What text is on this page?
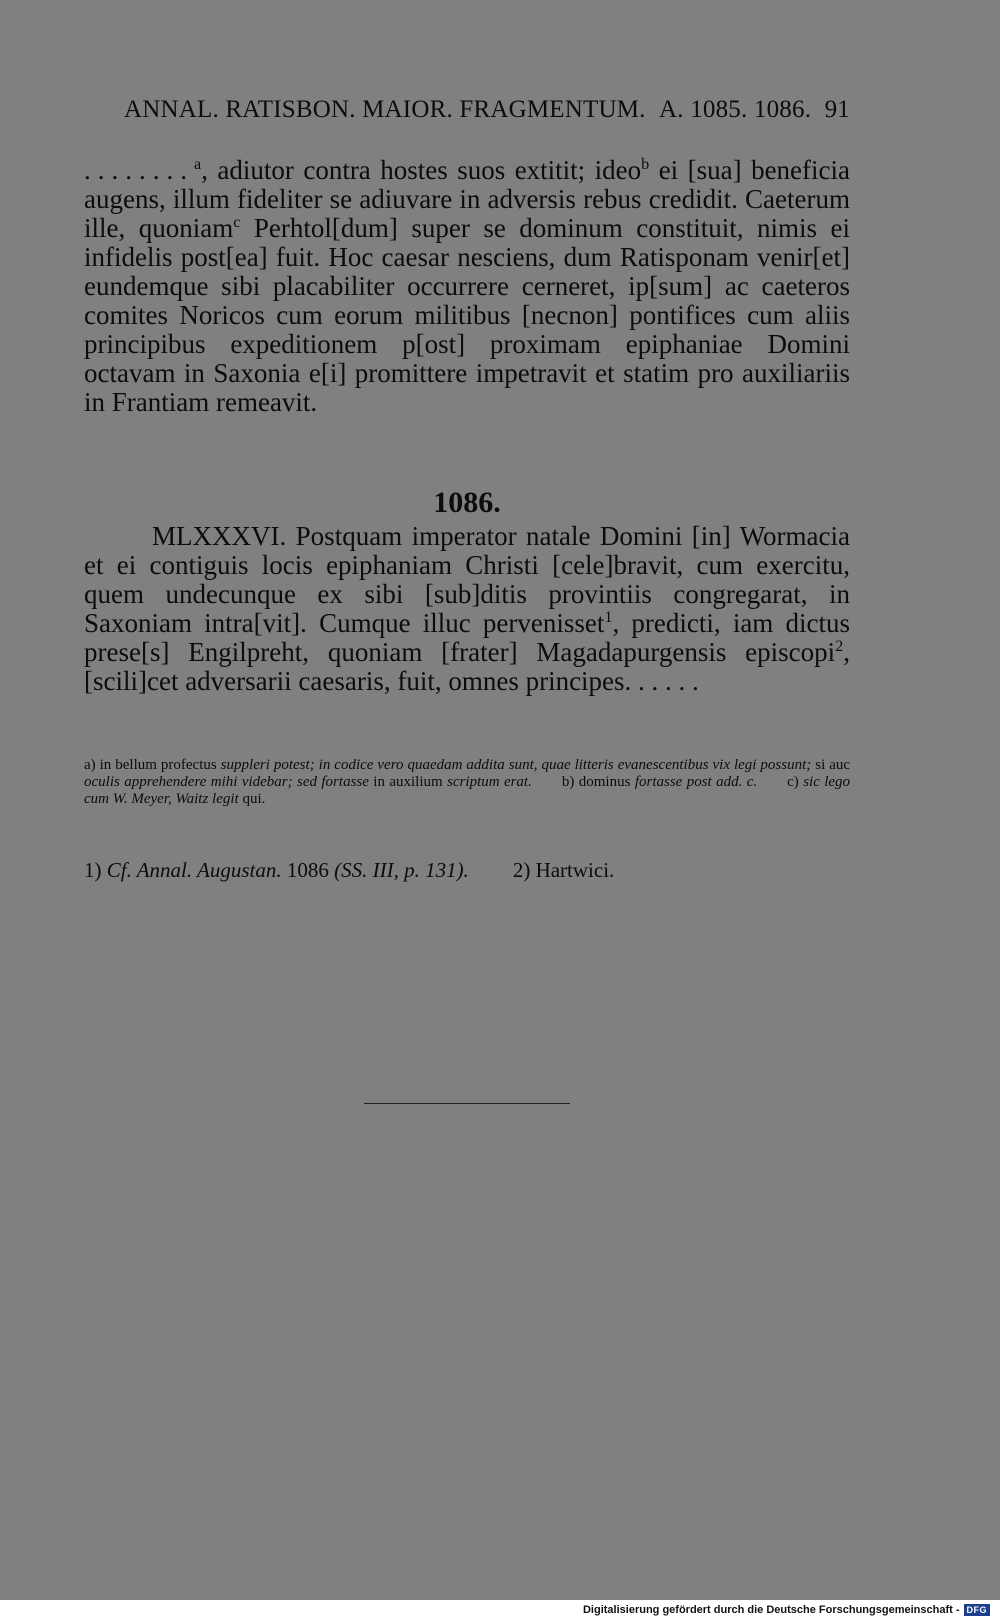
ANNAL. RATISBON. MAIOR. FRAGMENTUM. A. 1085. 1086. 91

........$^a$, adiutor contra hostes suos extitit; ideo$^b$ ei [sua] beneficia augens, illum fideliter se adiuvare in adversis rebus credidit. Caeterum ille, quoniam$^c$ Perhtol[dum] super se dominum constituit, nimis ei infidelis post[ea] fuit. Hoc caesar nesciens, dum Ratisponam venir[et] eundemque sibi placabiliter occurrere cerneret, ip[sum] ac caeteros comites Noricos cum eorum militibus [necnon] pontifices cum aliis principibus expeditionem p[ost] proximam epiphaniae Domini octavam in Saxonia e[i] promittere impetravit et statim pro auxiliariis in Frantiam remeavit.

1086.

MLXXXVI. Postquam imperator natale Domini [in] Wormacia et ei contiguis locis epiphaniam Christi [cele]bravit, cum exercitu, quem undecunque ex sibi [sub]ditis provintiis congregarat, in Saxoniam intra[vit]. Cumque illuc pervenisset$^1$, predicti, iam dictus prese[s] Engilpreht, quoniam [frater] Magadapurgensis episcopi$^2$, [scili]cet adversarii caesaris, fuit, omnes principes. . . . . .

a) in bellum profectus suppleri potest; in codice vero quaedam addita sunt, quae litteris evanescentibus vix legi possunt; si auc oculis apprehendere mihi videbar; sed fortasse in auxilium scriptum erat.   b) dominus fortasse post add. c.   c) sic lego cum W. Meyer, Waitz legit qui.

1) Cf. Annal. Augustan. 1086 (SS. III, p. 131). 2) Hartwici.
Digitalisierung gefördert durch die Deutsche Forschungsgemeinschaft - DFG
